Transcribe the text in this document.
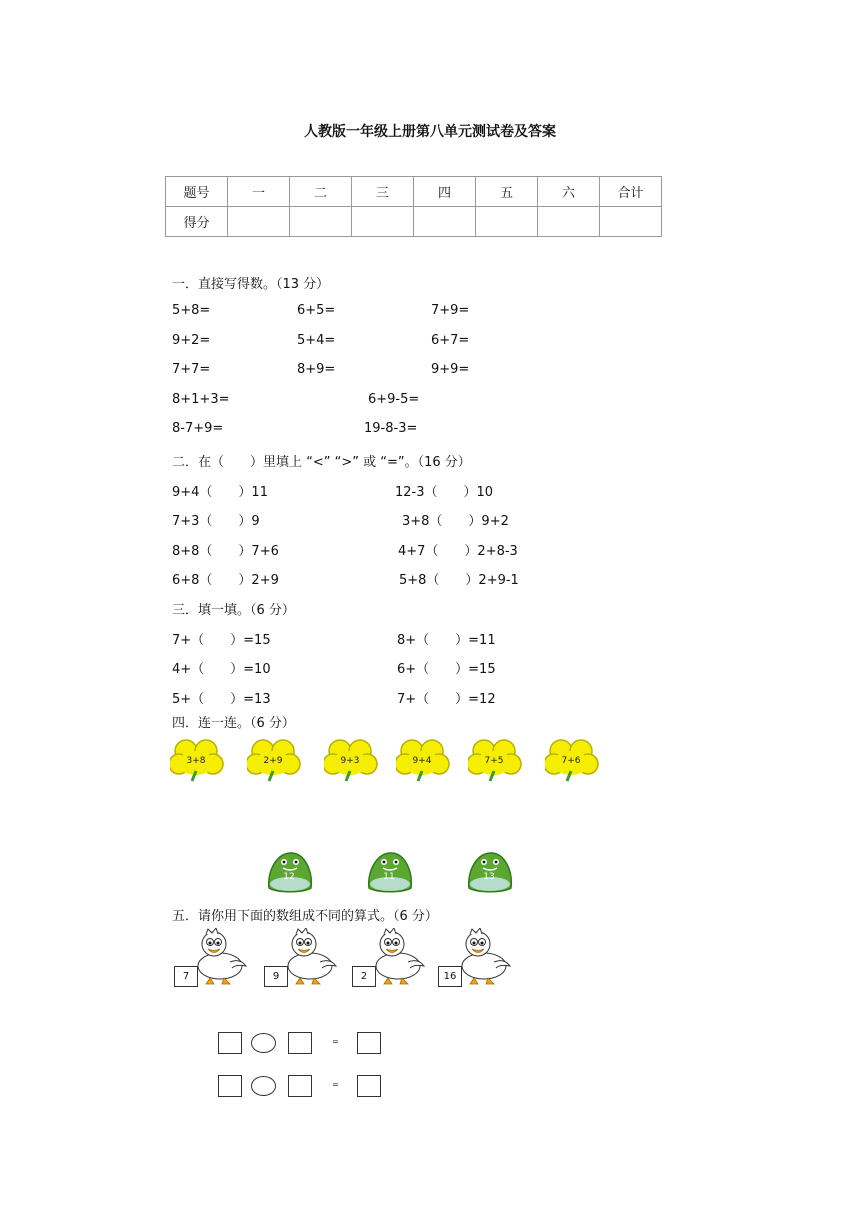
人教版一年级上册第八单元测试卷及答案
题号	一	二	三	四	五	六	合计
得分							
一．直接写得数。（13 分）
5+8=	6+5=	7+9=
9+2=	5+4=	6+7=
7+7=	8+9=	9+9=
8+1+3=	6+9-5=
8-7+9=	19-8-3=
二．在（　　）里填上 “<” “>” 或 “=”。（16 分）
9+4（　　）11	12-3（　　）10
7+3（　　）9	3+8（　　）9+2
8+8（　　）7+6	4+7（　　）2+8-3
6+8（　　）2+9	5+8（　　）2+9-1
三．填一填。（6 分）
7+（　　）=15	8+（　　）=11
4+（　　）=10	6+（　　）=15
5+（　　）=13	7+（　　）=12
四．连一连。（6 分）
3+8	2+9	9+3	9+4	7+5	7+6
12	11	13
五．请你用下面的数组成不同的算式。（6 分）
7	9	2	16
=
=
